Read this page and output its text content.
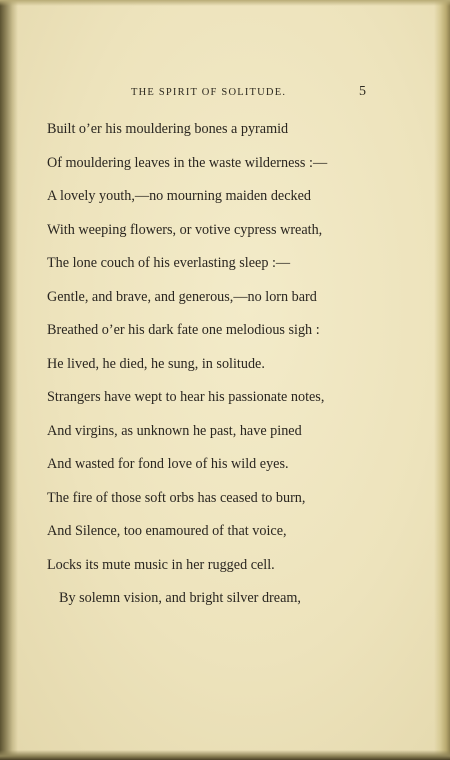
THE SPIRIT OF SOLITUDE.	5
Built o’er his mouldering bones a pyramid
Of mouldering leaves in the waste wilderness :—
A lovely youth,—no mourning maiden decked
With weeping flowers, or votive cypress wreath,
The lone couch of his everlasting sleep :—
Gentle, and brave, and generous,—no lorn bard
Breathed o’er his dark fate one melodious sigh :
He lived, he died, he sung, in solitude.
Strangers have wept to hear his passionate notes,
And virgins, as unknown he past, have pined
And wasted for fond love of his wild eyes.
The fire of those soft orbs has ceased to burn,
And Silence, too enamoured of that voice,
Locks its mute music in her rugged cell.
By solemn vision, and bright silver dream,
